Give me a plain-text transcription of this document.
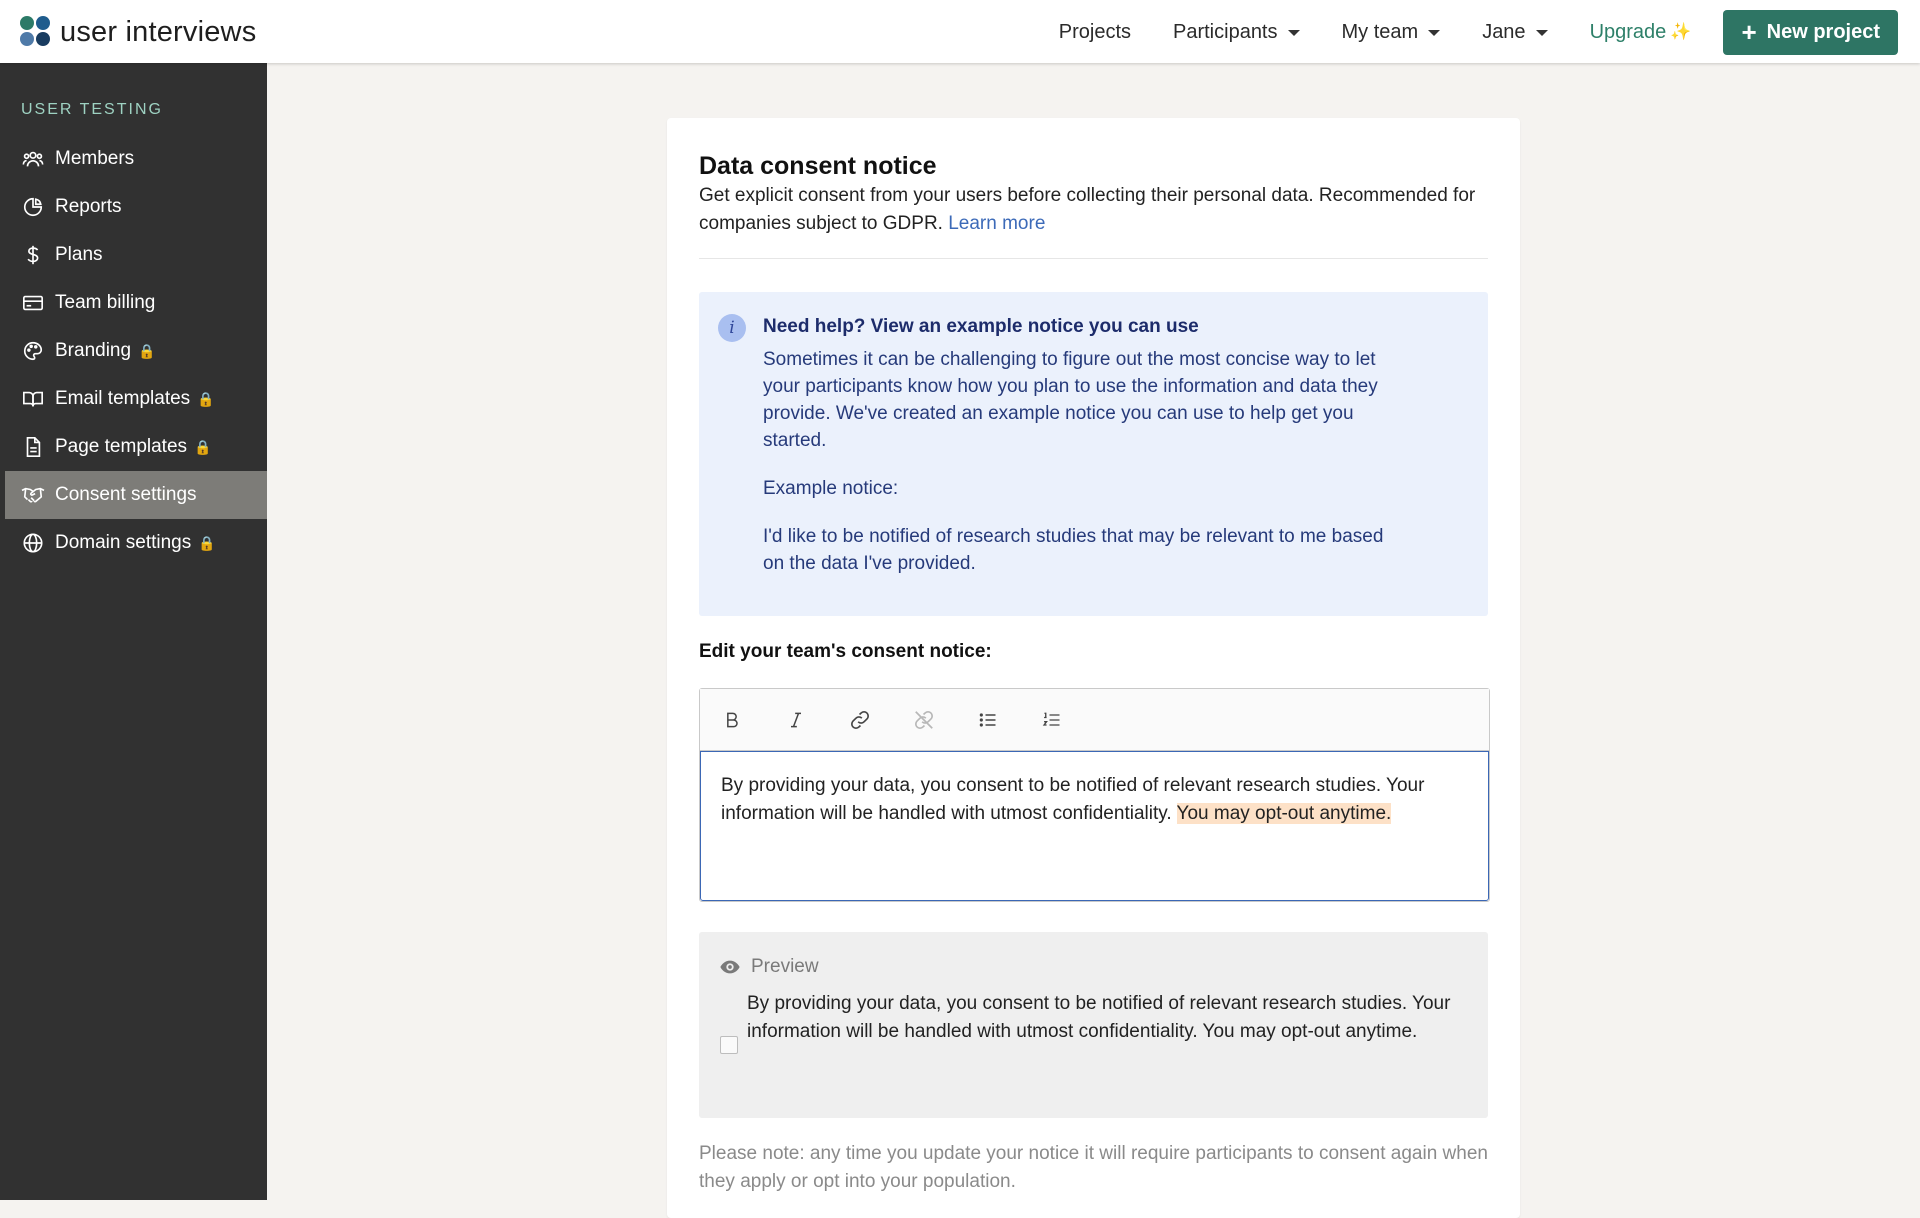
user interviews	Projects Participants	My team	Jane	Upgrade ✨ + New project
USER TESTING
Members
Reports
Plans
Team billing
Branding 🔒
Email templates 🔒
Page templates 🔒
Consent settings
Domain settings 🔒
Data consent notice
Get explicit consent from your users before collecting their personal data. Recommended for companies subject to GDPR. Learn more
i	Need help? View an example notice you can use

Sometimes it can be challenging to figure out the most concise way to let your participants know how you plan to use the information and data they provide. We've created an example notice you can use to help get you started.

Example notice:

I'd like to be notified of research studies that may be relevant to me based on the data I've provided.

Edit your team's consent notice:
By providing your data, you consent to be notified of relevant research studies. Your information will be handled with utmost confidentiality. You may opt-out anytime.
Preview
By providing your data, you consent to be notified of relevant research studies. Your information will be handled with utmost confidentiality. You may opt-out anytime.
Please note: any time you update your notice it will require participants to consent again when they apply or opt into your population.
